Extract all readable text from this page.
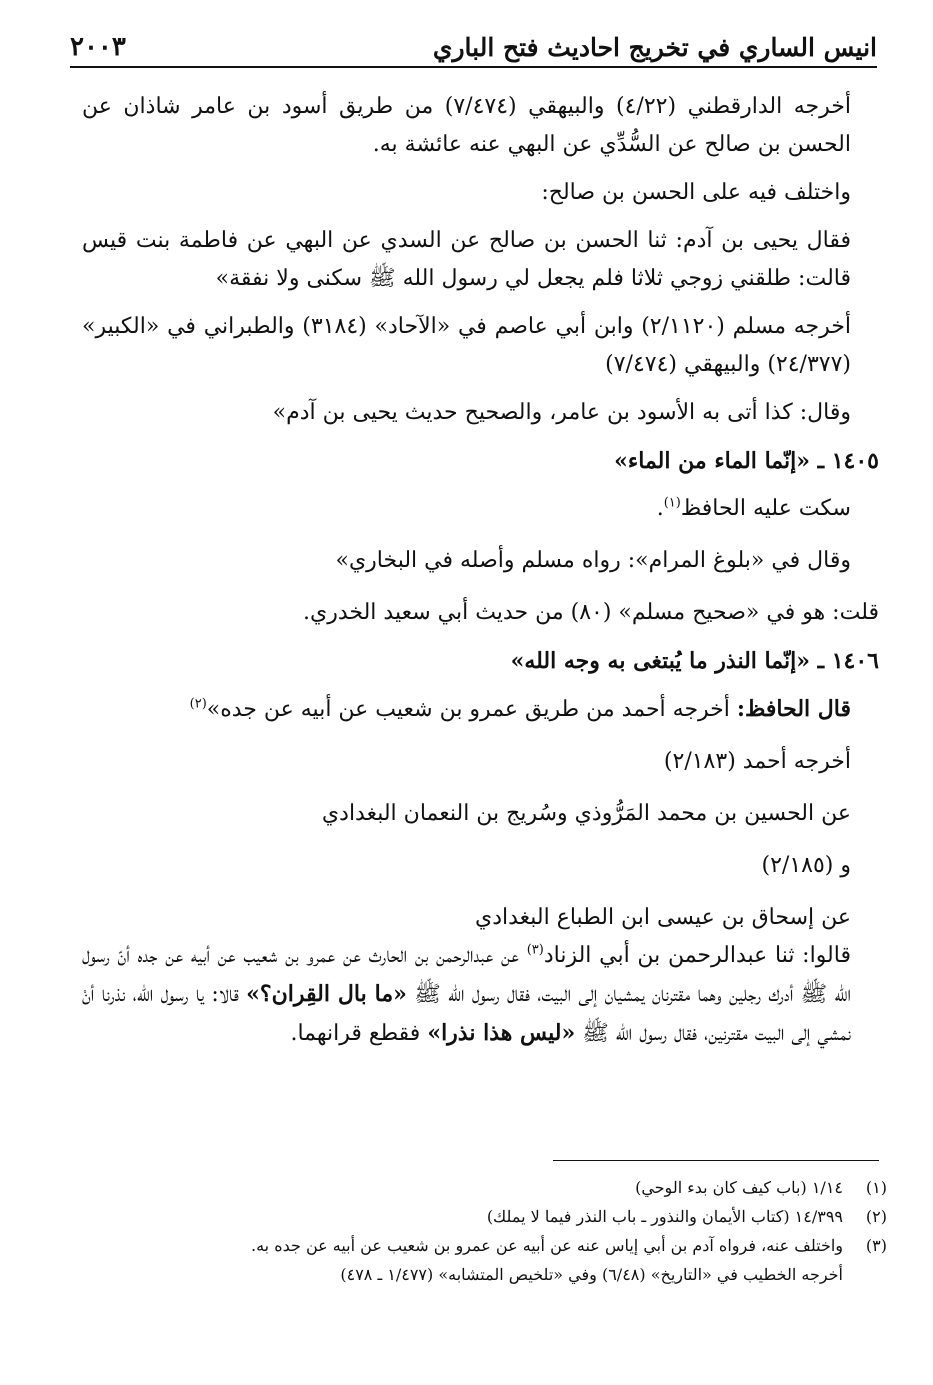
انيس الساري في تخريج احاديث فتح الباري
٢٠٠٣

أخرجه الدارقطني (٤/٢٢) والبيهقي (٧/٤٧٤) من طريق أسود بن عامر شاذان عن الحسن بن صالح عن السُّدِّي عن البهي عنه عائشة به.

واختلف فيه على الحسن بن صالح:

فقال يحيى بن آدم: ثنا الحسن بن صالح عن السدي عن البهي عن فاطمة بنت قيس قالت: طلقني زوجي ثلاثا فلم يجعل لي رسول الله ﷺ سكنى ولا نفقة»

أخرجه مسلم (٢/١١٢٠) وابن أبي عاصم في «الآحاد» (٣١٨٤) والطبراني في «الكبير» (٢٤/٣٧٧) والبيهقي (٧/٤٧٤)

وقال: كذا أتى به الأسود بن عامر، والصحيح حديث يحيى بن آدم»

١٤٠٥ ـ «إنّما الماء من الماء»

سكت عليه الحافظ$^{(١)}$.

وقال في «بلوغ المرام»: رواه مسلم وأصله في البخاري»

قلت: هو في «صحيح مسلم» (٨٠) من حديث أبي سعيد الخدري.

١٤٠٦ ـ «إنّما النذر ما يُبتغى به وجه الله»

قال الحافظ: أخرجه أحمد من طريق عمرو بن شعيب عن أبيه عن جده»$^{(٢)}$

أخرجه أحمد (٢/١٨٣)

عن الحسين بن محمد المَرُّوذي وسُريج بن النعمان البغدادي

و (٢/١٨٥)

عن إسحاق بن عيسى ابن الطباع البغدادي

قالوا: ثنا عبدالرحمن بن أبي الزناد$^{(٣)}$ عن عبدالرحمن بن الحارث عن عمرو بن شعيب عن أبيه عن جده أنّ رسول الله ﷺ أدرك رجلين وهما مقترنان يمشيان إلى البيت، فقال رسول الله ﷺ «ما بال القِران؟» قالا: يا رسول الله، نذرنا أنْ نمشي إلى البيت مقترنين، فقال رسول الله ﷺ «ليس هذا نذرا» فقطع قرانهما.

(١)
١/١٤ (باب كيف كان بدء الوحي)
(٢)
١٤/٣٩٩ (كتاب الأيمان والنذور ـ باب النذر فيما لا يملك)
(٣)
واختلف عنه، فرواه آدم بن أبي إياس عنه عن أبيه عن عمرو بن شعيب عن أبيه عن جده به.
أخرجه الخطيب في «التاريخ» (٦/٤٨) وفي «تلخيص المتشابه» (١/٤٧٧ ـ ٤٧٨)
